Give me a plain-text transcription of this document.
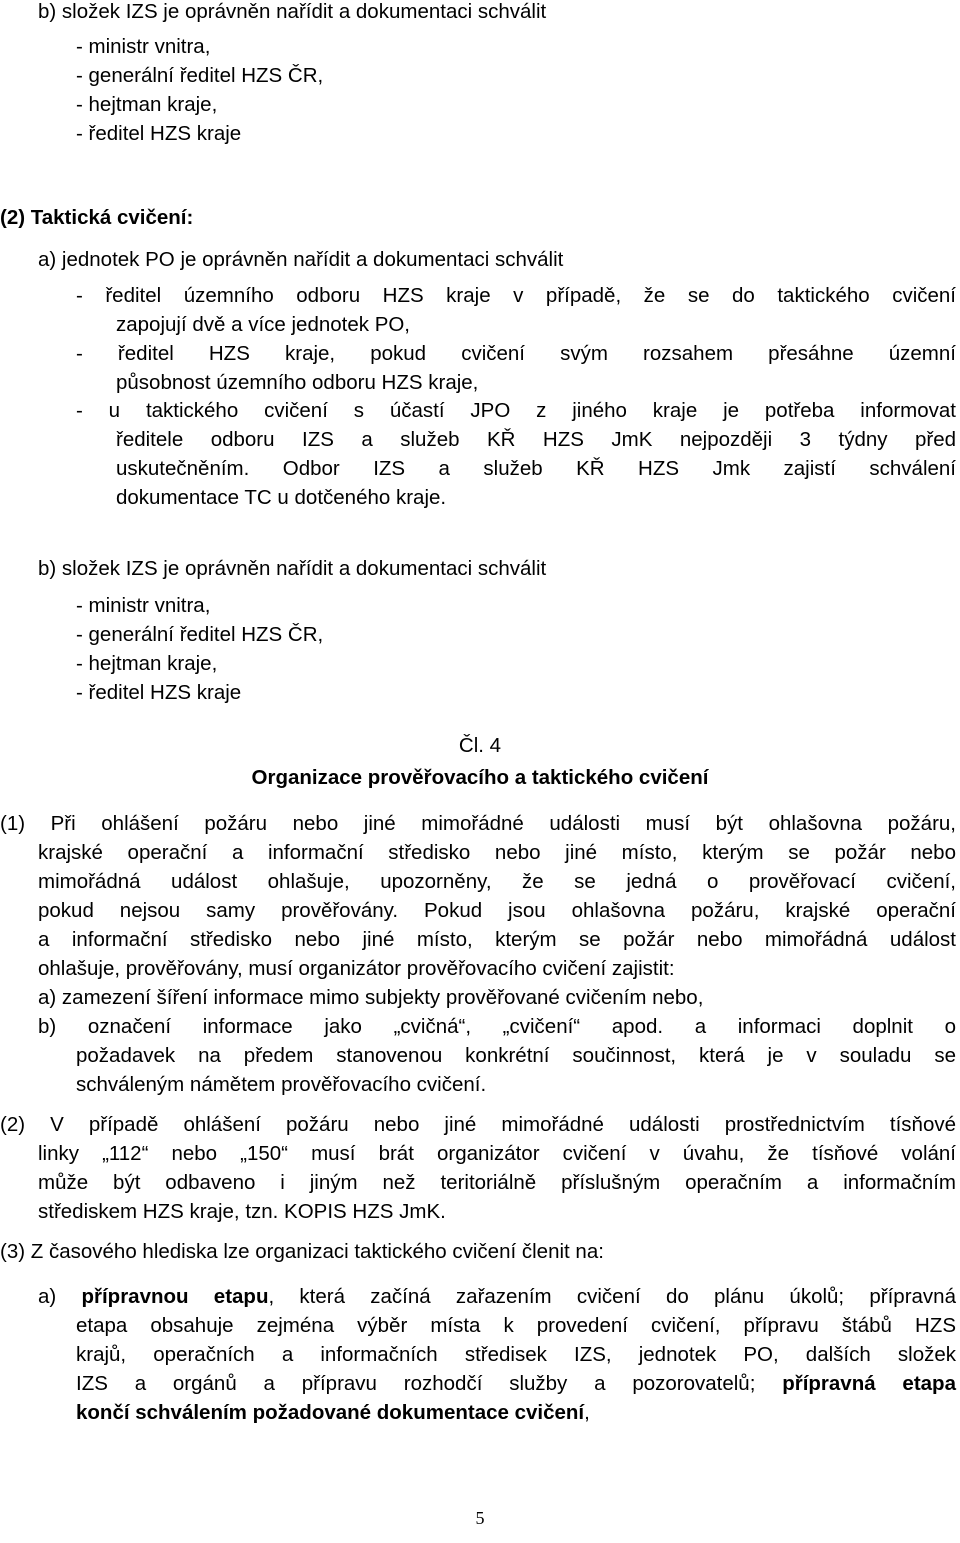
b) složek IZS je oprávněn nařídit a dokumentaci schválit
- ministr vnitra,
- generální ředitel HZS ČR,
- hejtman kraje,
- ředitel HZS kraje
(2) Taktická cvičení:
a) jednotek PO je oprávněn nařídit a dokumentaci schválit
- ředitel územního odboru HZS kraje v případě, že se do taktického cvičení
zapojují dvě a více jednotek PO,
- ředitel HZS kraje, pokud cvičení svým rozsahem přesáhne územní
působnost územního odboru HZS kraje,
- u taktického cvičení s účastí JPO z jiného kraje je potřeba informovat
ředitele odboru IZS a služeb KŘ HZS JmK nejpozději 3 týdny před
uskutečněním. Odbor IZS a služeb KŘ HZS Jmk zajistí schválení
dokumentace TC u dotčeného kraje.
b) složek IZS je oprávněn nařídit a dokumentaci schválit
- ministr vnitra,
- generální ředitel HZS ČR,
- hejtman kraje,
- ředitel HZS kraje
Čl. 4
Organizace prověřovacího a taktického cvičení
(1) Při ohlášení požáru nebo jiné mimořádné události musí být ohlašovna požáru,
krajské operační a informační středisko nebo jiné místo, kterým se požár nebo
mimořádná událost ohlašuje, upozorněny, že se jedná o prověřovací cvičení,
pokud nejsou samy prověřovány. Pokud jsou ohlašovna požáru, krajské operační
a informační středisko nebo jiné místo, kterým se požár nebo mimořádná událost
ohlašuje, prověřovány, musí organizátor prověřovacího cvičení zajistit:
a) zamezení šíření informace mimo subjekty prověřované cvičením nebo,
b) označení informace jako „cvičná“, „cvičení“ apod. a informaci doplnit o
požadavek na předem stanovenou konkrétní součinnost, která je v souladu se
schváleným námětem prověřovacího cvičení.
(2) V případě ohlášení požáru nebo jiné mimořádné události prostřednictvím tísňové
linky „112“ nebo „150“ musí brát organizátor cvičení v úvahu, že tísňové volání
může být odbaveno i jiným než teritoriálně příslušným operačním a informačním
střediskem HZS kraje, tzn. KOPIS HZS JmK.
(3) Z časového hlediska lze organizaci taktického cvičení členit na:
a) přípravnou etapu, která začíná zařazením cvičení do plánu úkolů; přípravná
etapa obsahuje zejména výběr místa k provedení cvičení, přípravu štábů HZS
krajů, operačních a informačních středisek IZS, jednotek PO, dalších složek
IZS a orgánů a přípravu rozhodčí služby a pozorovatelů; přípravná etapa
končí schválením požadované dokumentace cvičení,
5
